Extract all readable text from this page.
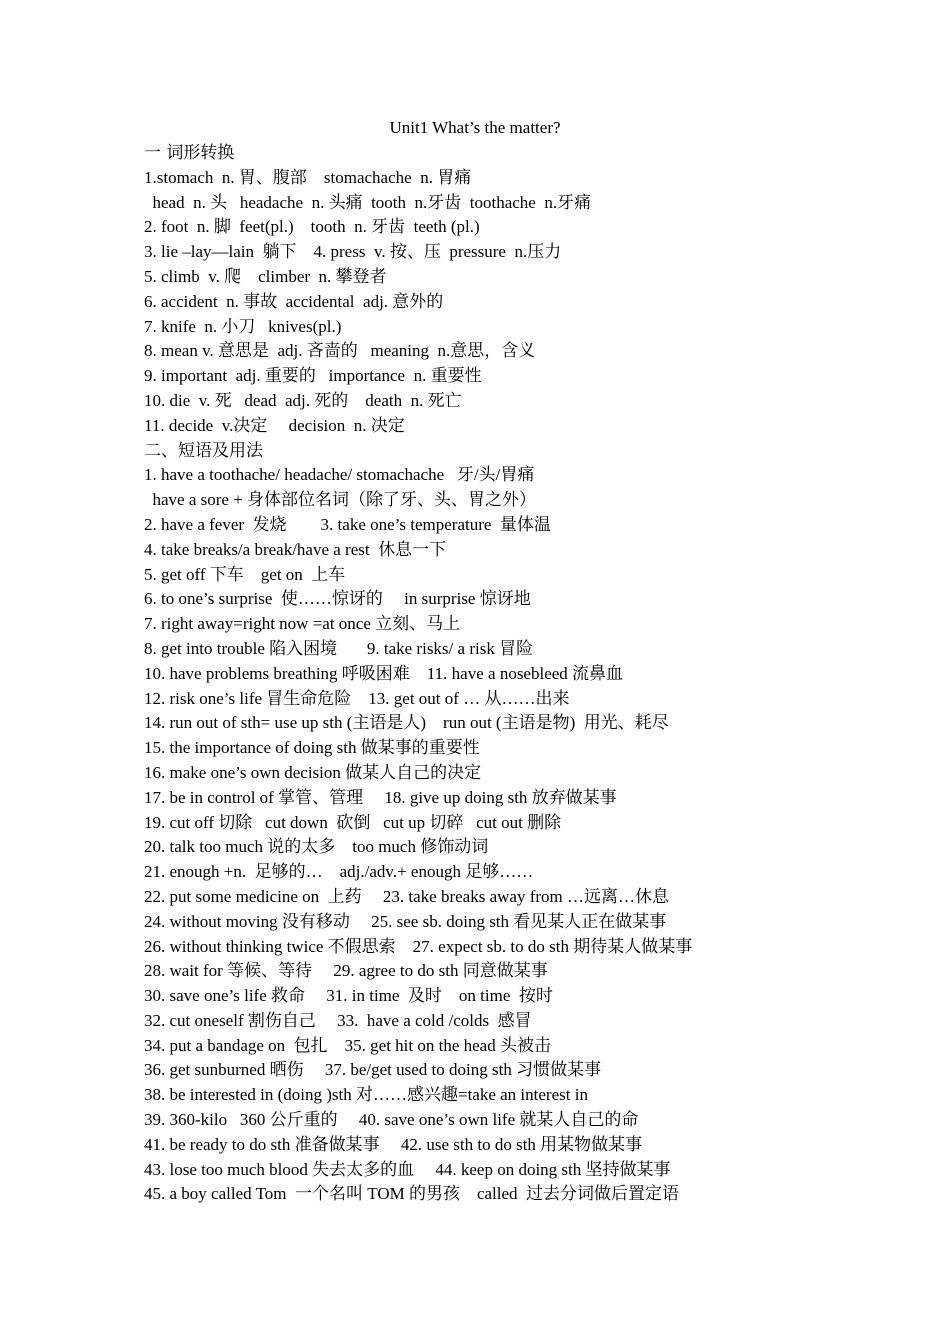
Unit1 What’s the matter?
一 词形转换
1.stomach  n. 胃、腹部    stomachache  n. 胃痛
head  n. 头   headache  n. 头痛  tooth  n.牙齿  toothache  n.牙痛
2. foot  n. 脚  feet(pl.)    tooth  n. 牙齿  teeth (pl.)
3. lie –lay—lain  躺下    4. press  v. 按、压  pressure  n.压力
5. climb  v. 爬    climber  n. 攀登者
6. accident  n. 事故  accidental  adj. 意外的
7. knife  n. 小刀   knives(pl.)
8. mean v. 意思是  adj. 吝啬的   meaning  n.意思，含义
9. important  adj. 重要的   importance  n. 重要性
10. die  v. 死   dead  adj. 死的    death  n. 死亡
11. decide  v.决定     decision  n. 决定
二、短语及用法
1. have a toothache/ headache/ stomachache   牙/头/胃痛
have a sore + 身体部位名词（除了牙、头、胃之外）
2. have a fever  发烧        3. take one’s temperature  量体温
4. take breaks/a break/have a rest  休息一下
5. get off 下车    get on  上车
6. to one’s surprise  使……惊讶的     in surprise 惊讶地
7. right away=right now =at once 立刻、马上
8. get into trouble 陷入困境       9. take risks/ a risk 冒险
10. have problems breathing 呼吸困难    11. have a nosebleed 流鼻血
12. risk one’s life 冒生命危险    13. get out of … 从……出来
14. run out of sth= use up sth (主语是人)    run out (主语是物)  用光、耗尽
15. the importance of doing sth 做某事的重要性
16. make one’s own decision 做某人自己的决定
17. be in control of 掌管、管理     18. give up doing sth 放弃做某事
19. cut off 切除   cut down  砍倒   cut up 切碎   cut out 删除
20. talk too much 说的太多    too much 修饰动词
21. enough +n.  足够的…    adj./adv.+ enough 足够……
22. put some medicine on  上药     23. take breaks away from …远离…休息
24. without moving 没有移动     25. see sb. doing sth 看见某人正在做某事
26. without thinking twice 不假思索    27. expect sb. to do sth 期待某人做某事
28. wait for 等候、等待     29. agree to do sth 同意做某事
30. save one’s life 救命     31. in time  及时    on time  按时
32. cut oneself 割伤自己     33.  have a cold /colds  感冒
34. put a bandage on  包扎    35. get hit on the head 头被击
36. get sunburned 晒伤     37. be/get used to doing sth 习惯做某事
38. be interested in (doing )sth 对……感兴趣=take an interest in
39. 360-kilo   360 公斤重的     40. save one’s own life 就某人自己的命
41. be ready to do sth 准备做某事     42. use sth to do sth 用某物做某事
43. lose too much blood 失去太多的血     44. keep on doing sth 坚持做某事
45. a boy called Tom  一个名叫 TOM 的男孩    called  过去分词做后置定语
